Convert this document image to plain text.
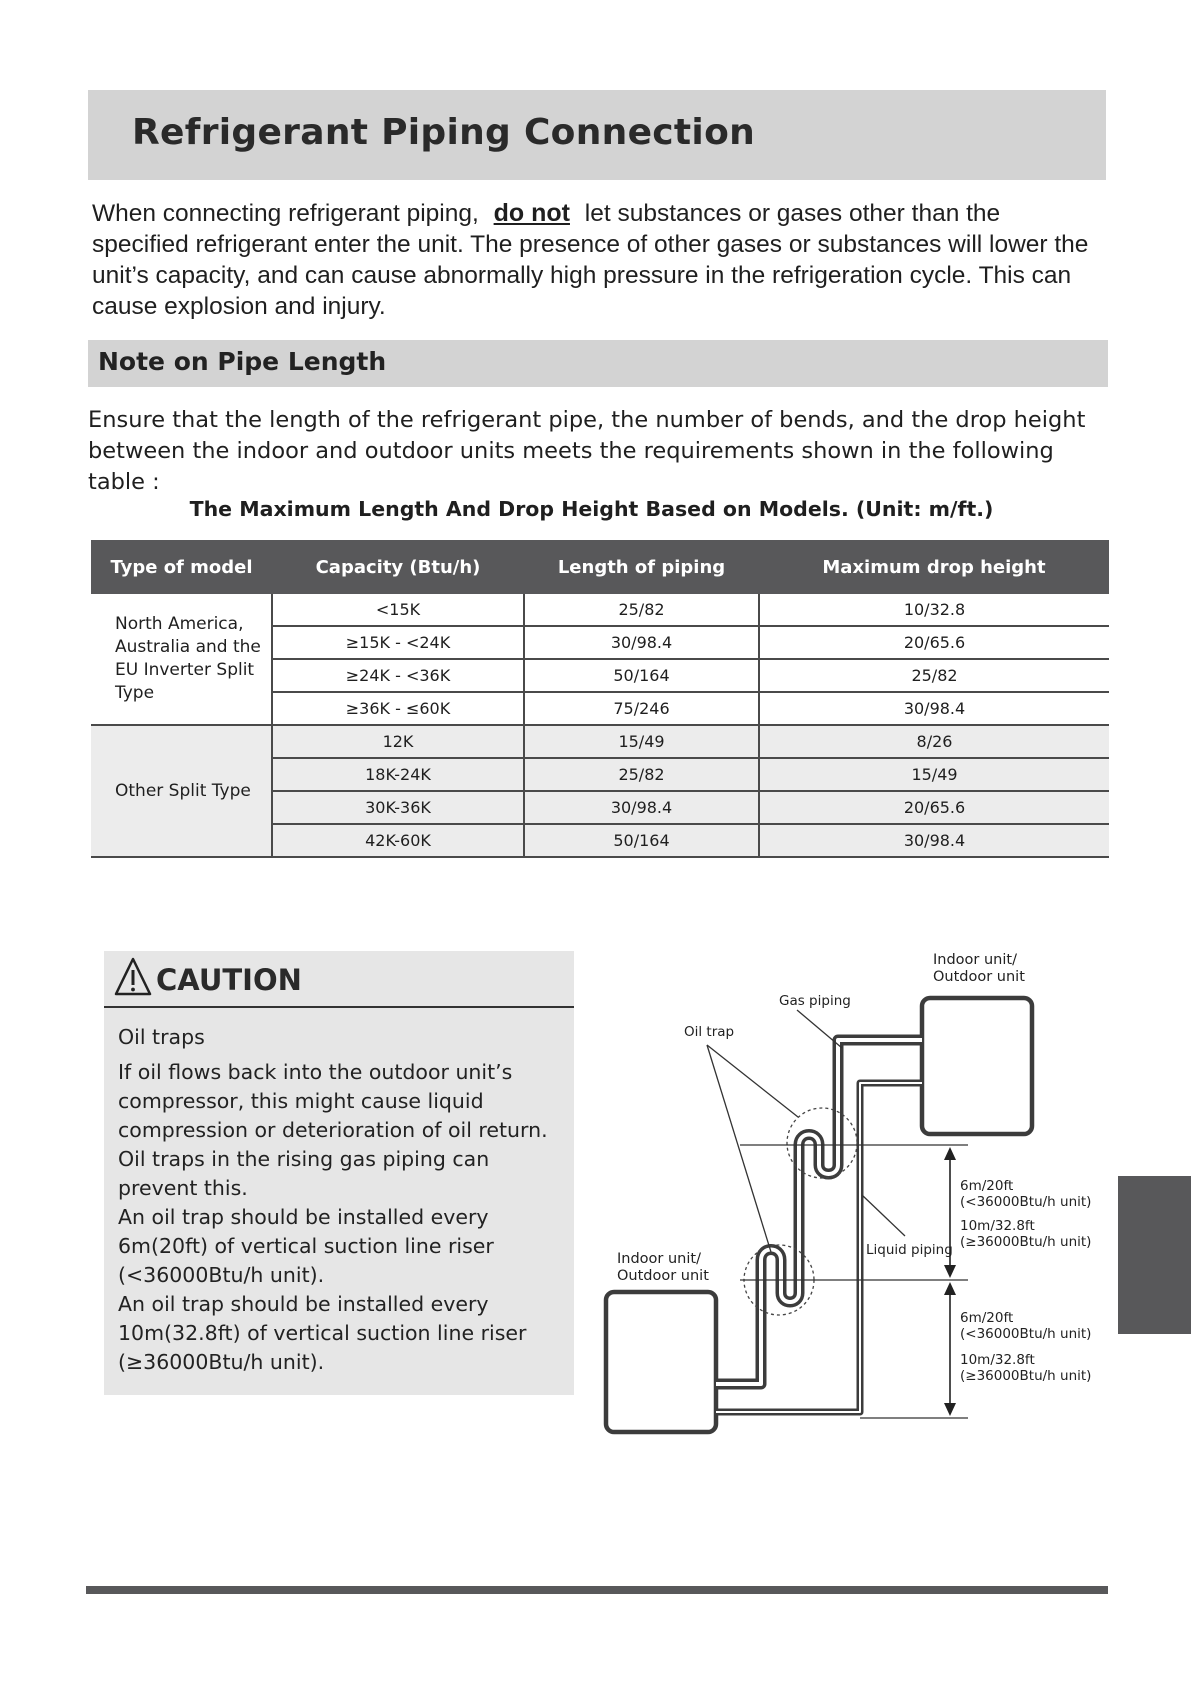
Refrigerant Piping Connection

When connecting refrigerant piping, do not let substances or gases other than the specified refrigerant enter the unit. The presence of other gases or substances will lower the unit’s capacity, and can cause abnormally high pressure in the refrigeration cycle. This can cause explosion and injury.

Note on Pipe Length

Ensure that the length of the refrigerant pipe, the number of bends, and the drop height between the indoor and outdoor units meets the requirements shown in the following table :

The Maximum Length And Drop Height Based on Models. (Unit: m/ft.)

Type of model	Capacity (Btu/h)	Length of piping	Maximum drop height
North America, Australia and the EU Inverter Split Type	<15K	25/82	10/32.8
	≥15K - <24K	30/98.4	20/65.6
	≥24K - <36K	50/164	25/82
	≥36K - ≤60K	75/246	30/98.4
Other Split Type	12K	15/49	8/26
	18K-24K	25/82	15/49
	30K-36K	30/98.4	20/65.6
	42K-60K	50/164	30/98.4
CAUTION

Oil traps

If oil flows back into the outdoor unit’s compressor, this might cause liquid compression or deterioration of oil return. Oil traps in the rising gas piping can prevent this.

An oil trap should be installed every 6m(20ft) of vertical suction line riser (<36000Btu/h unit).

An oil trap should be installed every 10m(32.8ft) of vertical suction line riser (≥36000Btu/h unit).

Indoor unit/
Outdoor unit
Gas piping
Oil trap
Liquid piping
Indoor unit/
Outdoor unit
6m/20ft
(<36000Btu/h unit)
10m/32.8ft
(≥36000Btu/h unit)
6m/20ft
(<36000Btu/h unit)
10m/32.8ft
(≥36000Btu/h unit)
